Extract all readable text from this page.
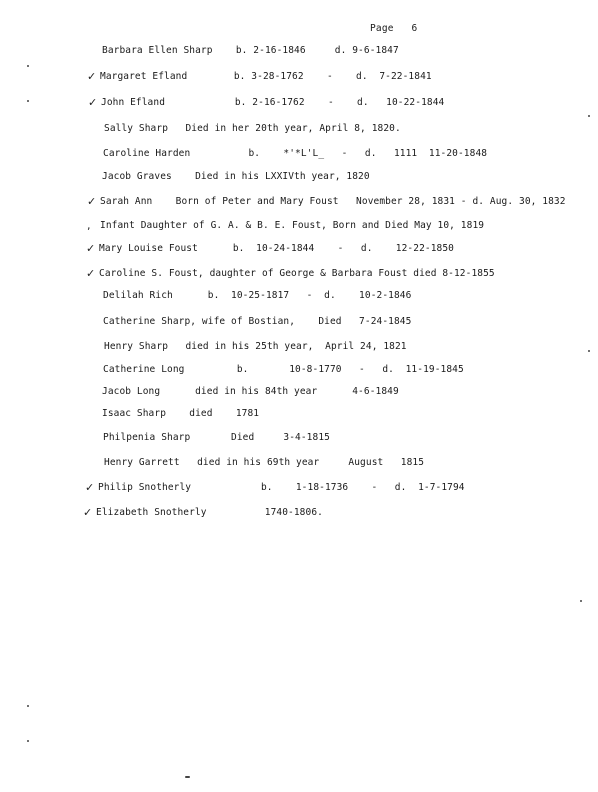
Page 6
Barbara Ellen Sharp    b. 2-16-1846     d. 9-6-1847
Margaret Efland        b. 3-28-1762    -    d.  7-22-1841
✓
John Efland            b. 2-16-1762    -    d.   10-22-1844
✓
Sally Sharp   Died in her 20th year, April 8, 1820.
Caroline Harden          b.    *'*L'L_   -   d.   1111  11-20-1848
Jacob Graves    Died in his LXXIVth year, 1820
Sarah Ann    Born of Peter and Mary Foust   November 28, 1831 - d. Aug. 30, 1832
✓
Infant Daughter of G. A. & B. E. Foust, Born and Died May 10, 1819
,
Mary Louise Foust      b.  10-24-1844    -   d.    12-22-1850
✓
Caroline S. Foust, daughter of George & Barbara Foust died 8-12-1855
✓
Delilah Rich      b.  10-25-1817   -  d.    10-2-1846
Catherine Sharp, wife of Bostian,    Died   7-24-1845
Henry Sharp   died in his 25th year,  April 24, 1821
Catherine Long         b.       10-8-1770   -   d.  11-19-1845
Jacob Long      died in his 84th year      4-6-1849
Isaac Sharp    died    1781
Philpenia Sharp       Died     3-4-1815
Henry Garrett   died in his 69th year     August   1815
Philip Snotherly            b.    1-18-1736    -   d.  1-7-1794
✓
Elizabeth Snotherly          1740-1806.
✓
